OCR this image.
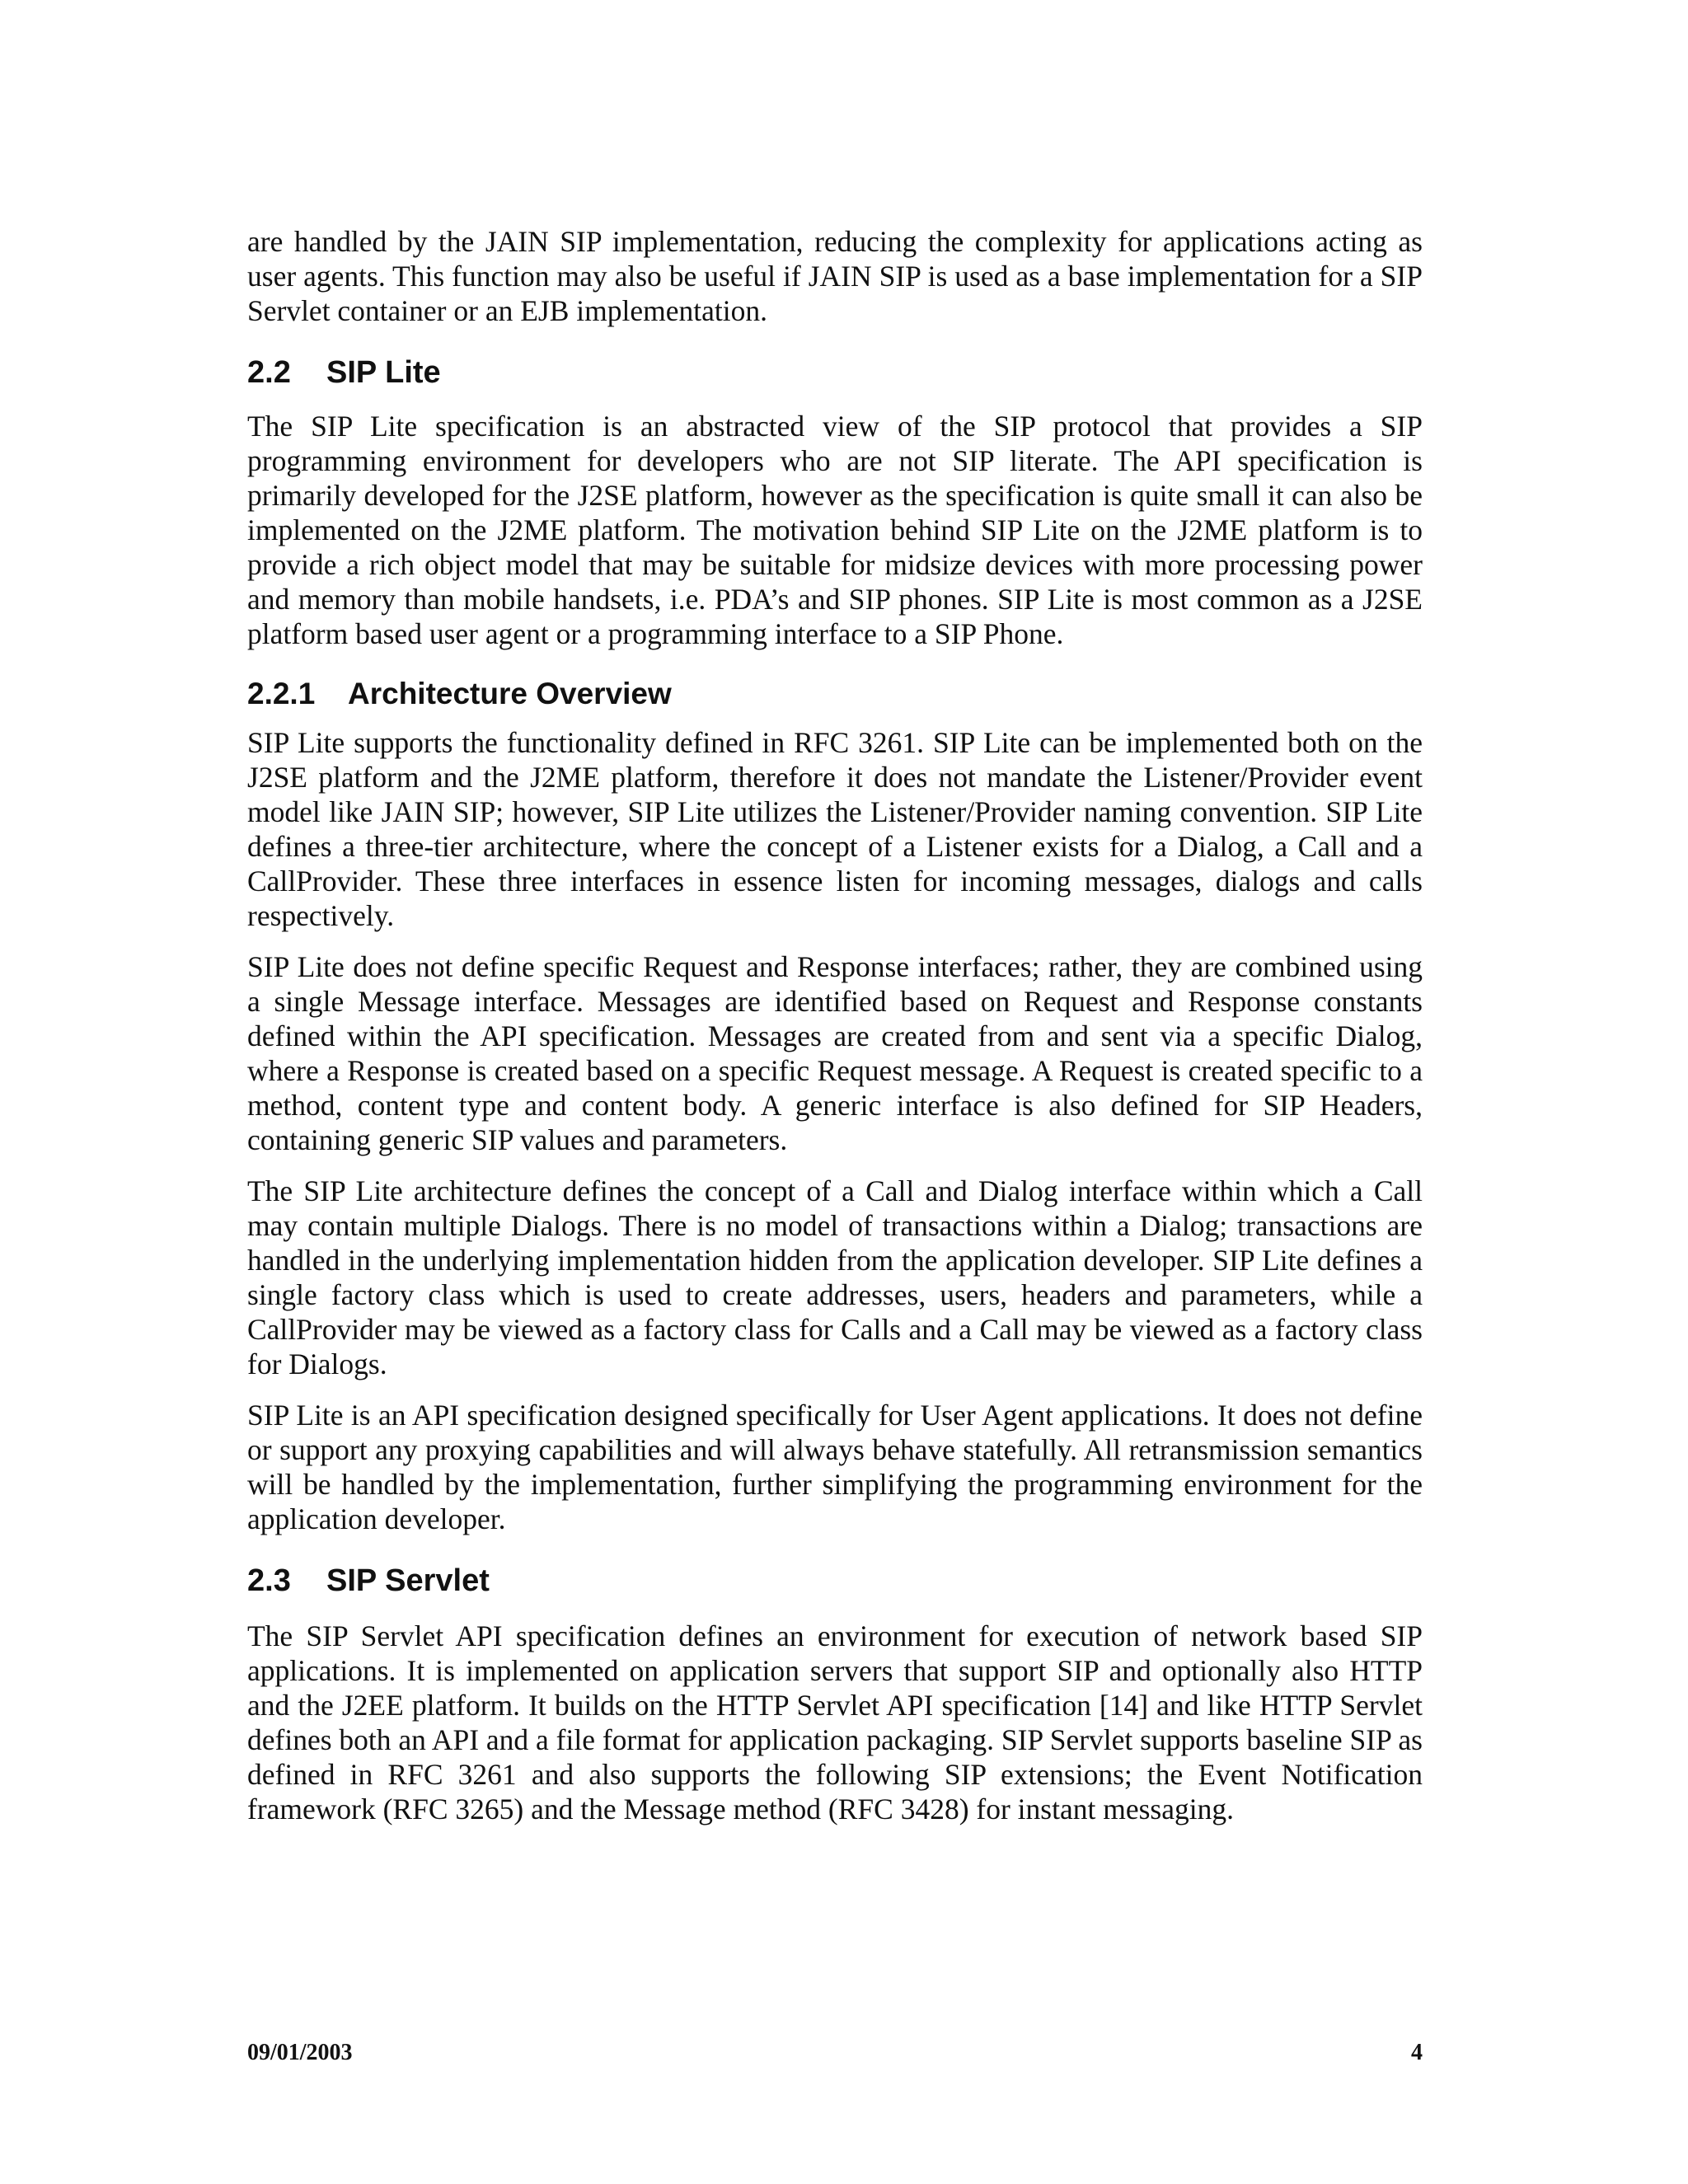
are handled by the JAIN SIP implementation, reducing the complexity for applications acting as user agents. This function may also be useful if JAIN SIP is used as a base implementation for a SIP Servlet container or an EJB implementation.

2.2 SIP Lite

The SIP Lite specification is an abstracted view of the SIP protocol that provides a SIP programming environment for developers who are not SIP literate. The API specification is primarily developed for the J2SE platform, however as the specification is quite small it can also be implemented on the J2ME platform. The motivation behind SIP Lite on the J2ME platform is to provide a rich object model that may be suitable for midsize devices with more processing power and memory than mobile handsets, i.e. PDA’s and SIP phones. SIP Lite is most common as a J2SE platform based user agent or a programming interface to a SIP Phone.

2.2.1 Architecture Overview

SIP Lite supports the functionality defined in RFC 3261. SIP Lite can be implemented both on the J2SE platform and the J2ME platform, therefore it does not mandate the Listener/Provider event model like JAIN SIP; however, SIP Lite utilizes the Listener/Provider naming convention. SIP Lite defines a three-tier architecture, where the concept of a Listener exists for a Dialog, a Call and a CallProvider. These three interfaces in essence listen for incoming messages, dialogs and calls respectively.

SIP Lite does not define specific Request and Response interfaces; rather, they are combined using a single Message interface. Messages are identified based on Request and Response constants defined within the API specification. Messages are created from and sent via a specific Dialog, where a Response is created based on a specific Request message. A Request is created specific to a method, content type and content body. A generic interface is also defined for SIP Headers, containing generic SIP values and parameters.

The SIP Lite architecture defines the concept of a Call and Dialog interface within which a Call may contain multiple Dialogs. There is no model of transactions within a Dialog; transactions are handled in the underlying implementation hidden from the application developer. SIP Lite defines a single factory class which is used to create addresses, users, headers and parameters, while a CallProvider may be viewed as a factory class for Calls and a Call may be viewed as a factory class for Dialogs.

SIP Lite is an API specification designed specifically for User Agent applications. It does not define or support any proxying capabilities and will always behave statefully. All retransmission semantics will be handled by the implementation, further simplifying the programming environment for the application developer.

2.3 SIP Servlet

The SIP Servlet API specification defines an environment for execution of network based SIP applications. It is implemented on application servers that support SIP and optionally also HTTP and the J2EE platform. It builds on the HTTP Servlet API specification [14] and like HTTP Servlet defines both an API and a file format for application packaging. SIP Servlet supports baseline SIP as defined in RFC 3261 and also supports the following SIP extensions; the Event Notification framework (RFC 3265) and the Message method (RFC 3428) for instant messaging.

09/01/2003	4
